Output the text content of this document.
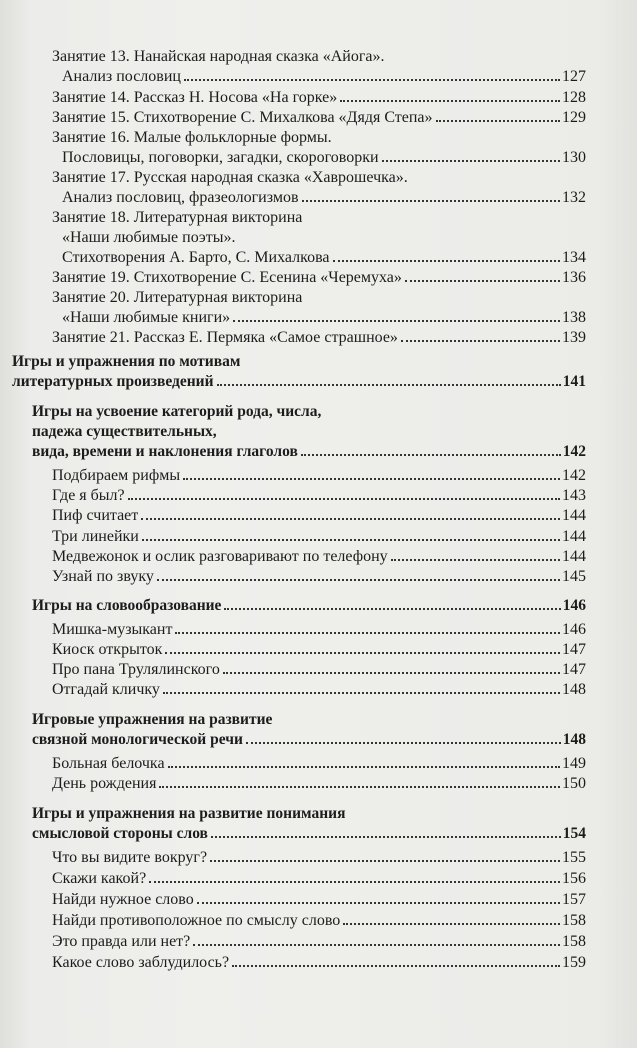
Занятие 13. Нанайская народная сказка «Айога».
Анализ пословиц	127
Занятие 14. Рассказ Н. Носова «На горке»	128
Занятие 15. Стихотворение С. Михалкова «Дядя Степа»	129
Занятие 16. Малые фольклорные формы.
Пословицы, поговорки, загадки, скороговорки	130
Занятие 17. Русская народная сказка «Хаврошечка».
Анализ пословиц, фразеологизмов	132
Занятие 18. Литературная викторина
«Наши любимые поэты».
Стихотворения А. Барто, С. Михалкова	134
Занятие 19. Стихотворение С. Есенина «Черемуха»	136
Занятие 20. Литературная викторина
«Наши любимые книги»	138
Занятие 21. Рассказ Е. Пермяка «Самое страшное»	139
Игры и упражнения по мотивам
литературных произведений	141
Игры на усвоение категорий рода, числа,
падежа существительных,
вида, времени и наклонения глаголов	142
Подбираем рифмы	142
Где я был?	143
Пиф считает	144
Три линейки	144
Медвежонок и ослик разговаривают по телефону	144
Узнай по звуку	145
Игры на словообразование	146
Мишка-музыкант	146
Киоск открыток	147
Про пана Трулялинского	147
Отгадай кличку	148
Игровые упражнения на развитие
связной монологической речи	148
Больная белочка	149
День рождения	150
Игры и упражнения на развитие понимания
смысловой стороны слов	154
Что вы видите вокруг?	155
Скажи какой?	156
Найди нужное слово	157
Найди противоположное по смыслу слово	158
Это правда или нет?	158
Какое слово заблудилось?	159
